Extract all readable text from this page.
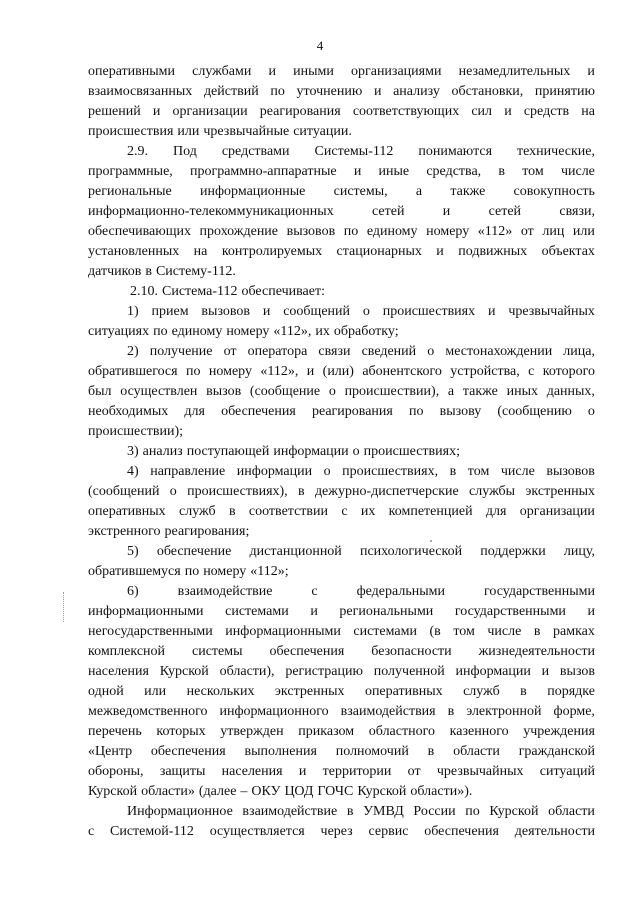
4
оперативными службами и иными организациями незамедлительных и
взаимосвязанных действий по уточнению и анализу обстановки, принятию
решений и организации реагирования соответствующих сил и средств на
происшествия или чрезвычайные ситуации.
2.9. Под средствами Системы-112 понимаются технические,
программные, программно-аппаратные и иные средства, в том числе
региональные информационные системы, а также совокупность
информационно-телекоммуникационных	сетей	и	сетей	связи,
обеспечивающих прохождение вызовов по единому номеру «112» от лиц или
установленных на контролируемых стационарных и подвижных объектах
датчиков в Систему-112.
2.10. Система-112 обеспечивает:
1) прием вызовов и сообщений о происшествиях и чрезвычайных
ситуациях по единому номеру «112», их обработку;
2) получение от оператора связи сведений о местонахождении лица,
обратившегося по номеру «112», и (или) абонентского устройства, с которого
был осуществлен вызов (сообщение о происшествии), а также иных данных,
необходимых для обеспечения реагирования по вызову (сообщению о
происшествии);
3) анализ поступающей информации о происшествиях;
4) направление информации о происшествиях, в том числе вызовов
(сообщений о происшествиях), в дежурно-диспетчерские службы экстренных
оперативных служб в соответствии с их компетенцией для организации
экстренного реагирования;
5) обеспечение дистанционной психологической поддержки лицу,
обратившемуся по номеру «112»;
6)	взаимодействие	с	федеральными	государственными
информационными системами и региональными государственными и
негосударственными информационными системами (в том числе в рамках
комплексной системы обеспечения безопасности жизнедеятельности
населения Курской области), регистрацию полученной информации и вызов
одной или нескольких экстренных оперативных служб в порядке
межведомственного информационного взаимодействия в электронной форме,
перечень которых утвержден приказом областного казенного учреждения
«Центр обеспечения выполнения полномочий в области гражданской
обороны, защиты населения и территории от чрезвычайных ситуаций
Курской области» (далее – ОКУ ЦОД ГОЧС Курской области»).
Информационное взаимодействие в УМВД России по Курской области
с Системой-112 осуществляется через сервис обеспечения деятельности
